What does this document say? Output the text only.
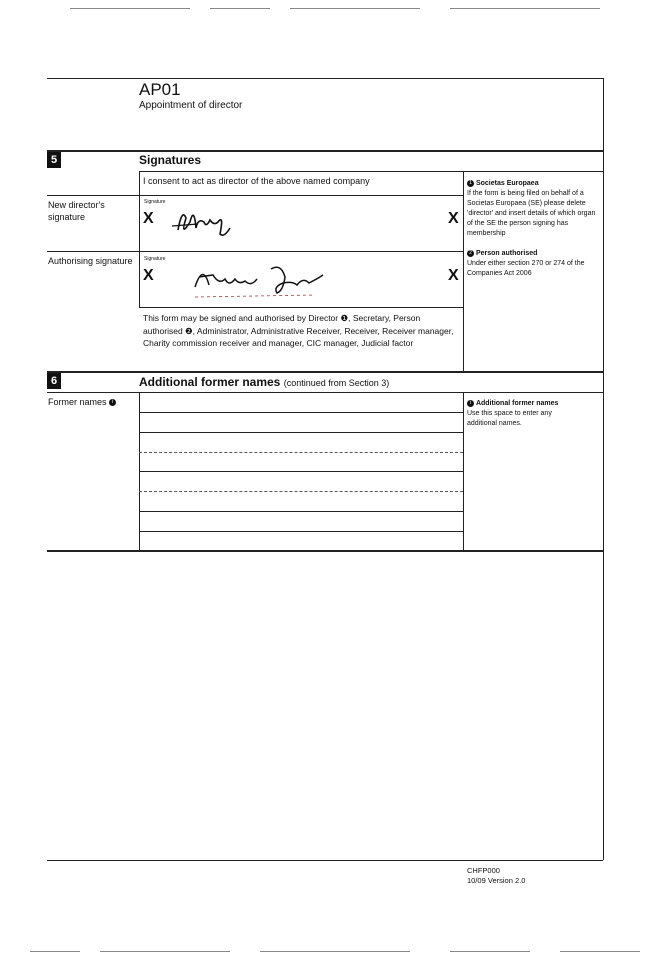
AP01
Appointment of director
5	Signatures
I consent to act as director of the above named company
New director's signature
Signature
X	X
Authorising signature	Signature
X	X
This form may be signed and authorised by Director ❶, Secretary, Person authorised ❷, Administrator, Administrative Receiver, Receiver, Receiver manager, Charity commission receiver and manager, CIC manager, Judicial factor
1 Societas Europaea
If the form is being filed on behalf of a Societas Europaea (SE) please delete 'director' and insert details of which organ of the SE the person signing has membership
2 Person authorised
Under either section 270 or 274 of the Companies Act 2006
6	Additional former names (continued from Section 3)
Former names i	i Additional former names
Use this space to enter any additional names.
CHFP000
10/09 Version 2.0
